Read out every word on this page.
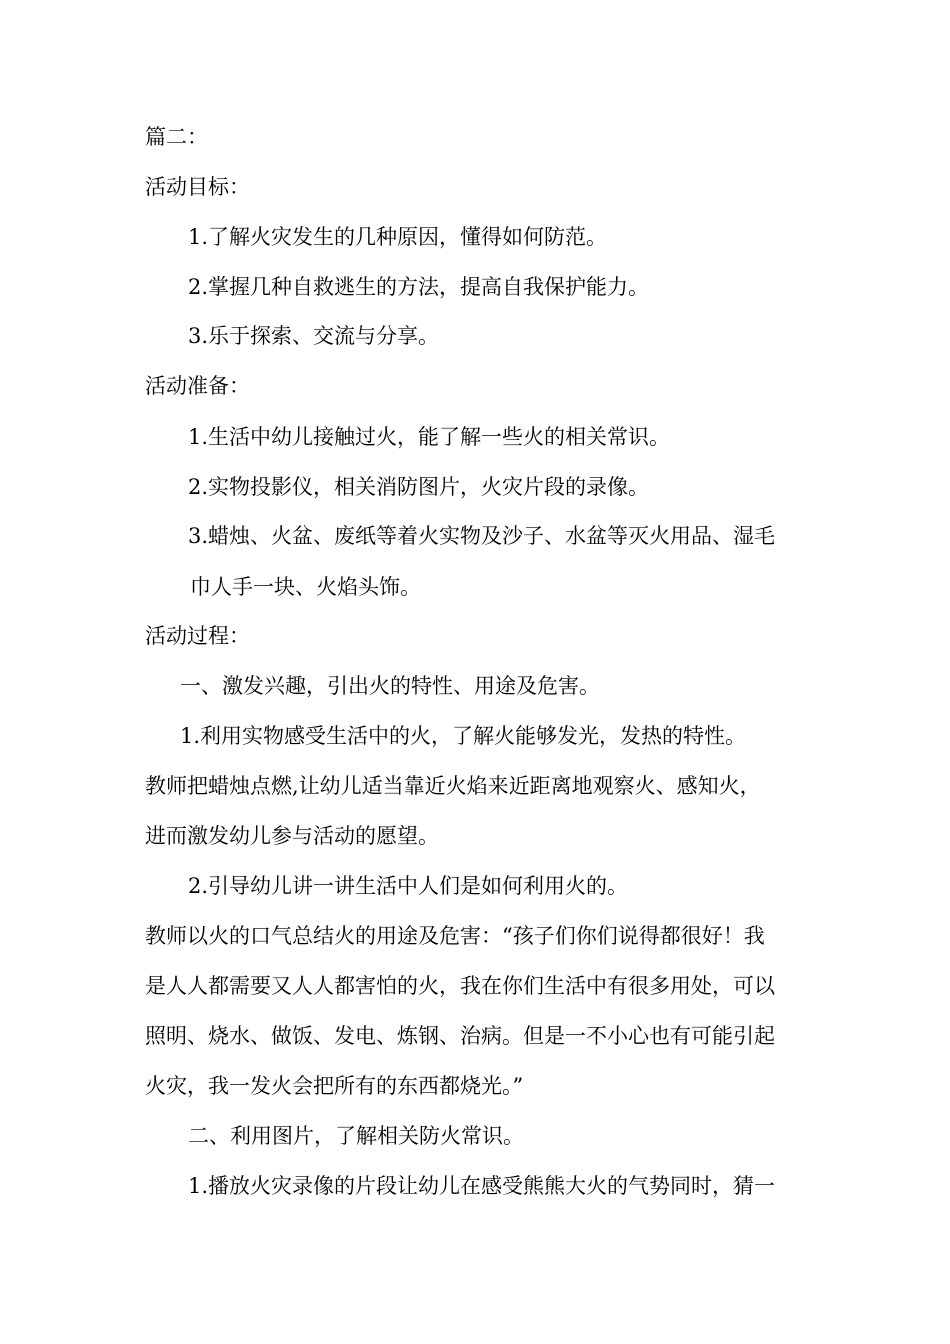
篇二：
活动目标：
1.了解火灾发生的几种原因，懂得如何防范。
2.掌握几种自救逃生的方法，提高自我保护能力。
3.乐于探索、交流与分享。
活动准备：
1.生活中幼儿接触过火，能了解一些火的相关常识。
2.实物投影仪，相关消防图片，火灾片段的录像。
3.蜡烛、火盆、废纸等着火实物及沙子、水盆等灭火用品、湿毛
巾人手一块、火焰头饰。
活动过程：
一、激发兴趣，引出火的特性、用途及危害。
1.利用实物感受生活中的火，了解火能够发光，发热的特性。
教师把蜡烛点燃,让幼儿适当靠近火焰来近距离地观察火、感知火，
进而激发幼儿参与活动的愿望。
2.引导幼儿讲一讲生活中人们是如何利用火的。
教师以火的口气总结火的用途及危害：“孩子们你们说得都很好！我
是人人都需要又人人都害怕的火，我在你们生活中有很多用处，可以
照明、烧水、做饭、发电、炼钢、治病。但是一不小心也有可能引起
火灾，我一发火会把所有的东西都烧光。”
二、利用图片，了解相关防火常识。
1.播放火灾录像的片段让幼儿在感受熊熊大火的气势同时，猜一
